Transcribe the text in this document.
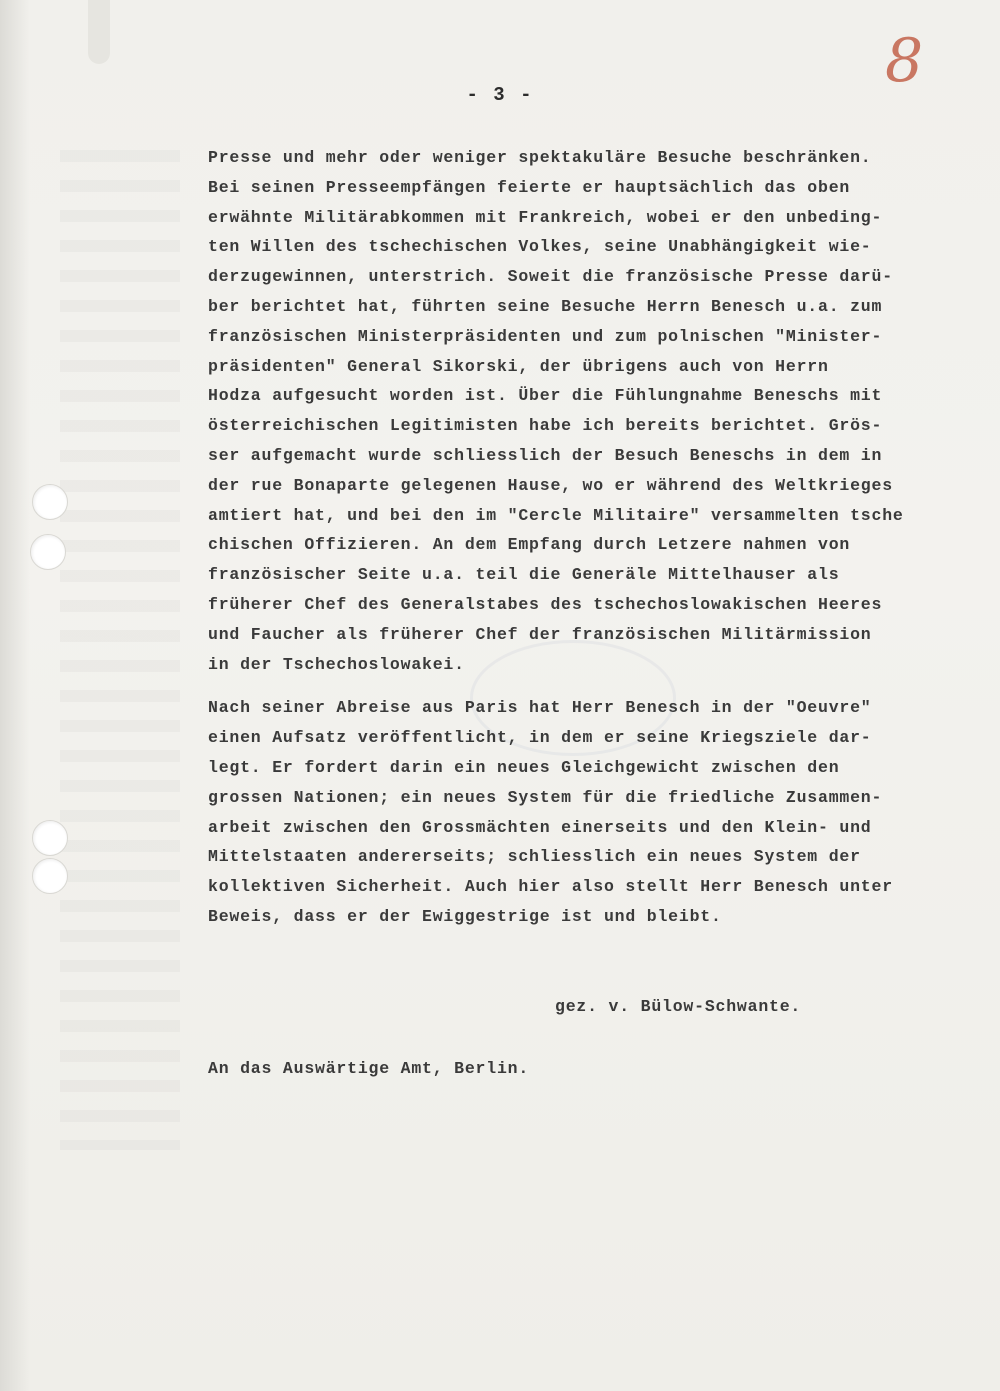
- 3 -	8
Presse und mehr oder weniger spektakuläre Besuche beschränken.
Bei seinen Presseempfängen feierte er hauptsächlich das oben
erwähnte Militärabkommen mit Frankreich, wobei er den unbeding-
ten Willen des tschechischen Volkes, seine Unabhängigkeit wie-
derzugewinnen, unterstrich. Soweit die französische Presse darü-
ber berichtet hat, führten seine Besuche Herrn Benesch u.a. zum
französischen Ministerpräsidenten und zum polnischen "Minister-
präsidenten" General Sikorski, der übrigens auch von Herrn
Hodza aufgesucht worden ist. Über die Fühlungnahme Beneschs mit
österreichischen Legitimisten habe ich bereits berichtet. Grös-
ser aufgemacht wurde schliesslich der Besuch Beneschs in dem in
der rue Bonaparte gelegenen Hause, wo er während des Weltkrieges
amtiert hat, und bei den im "Cercle Militaire" versammelten tsche
chischen Offizieren. An dem Empfang durch Letzere nahmen von
französischer Seite u.a. teil die Generäle Mittelhauser als
früherer Chef des Generalstabes des tschechoslowakischen Heeres
und Faucher als früherer Chef der französischen Militärmission
in der Tschechoslowakei.
Nach seiner Abreise aus Paris hat Herr Benesch in der "Oeuvre"
einen Aufsatz veröffentlicht, in dem er seine Kriegsziele dar-
legt. Er fordert darin ein neues Gleichgewicht zwischen den
grossen Nationen; ein neues System für die friedliche Zusammen-
arbeit zwischen den Grossmächten einerseits und den Klein- und
Mittelstaaten andererseits; schliesslich ein neues System der
kollektiven Sicherheit. Auch hier also stellt Herr Benesch unter
Beweis, dass er der Ewiggestrige ist und bleibt.
gez. v. Bülow-Schwante.
An das Auswärtige Amt, Berlin.
